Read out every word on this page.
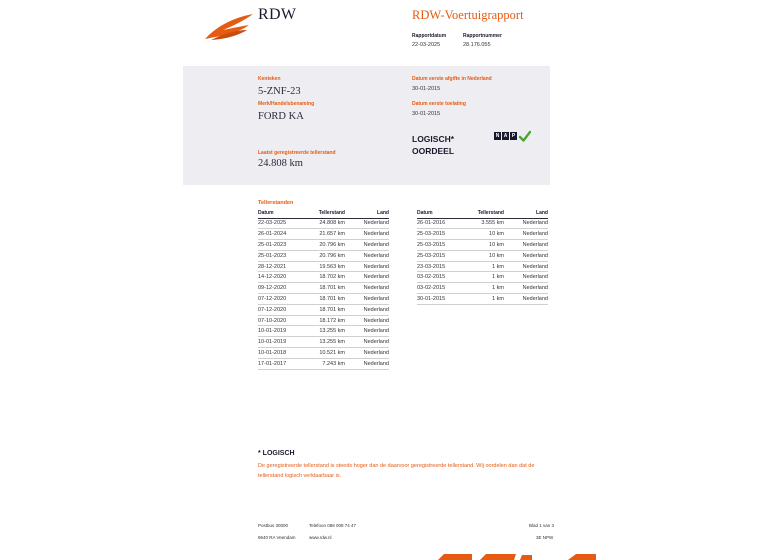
RDW	RDW-Voertuigrapport
Rapportdatum
22-03-2025
Rapportnummer
28.176.055
Kenteken
5-ZNF-23
Merk/Handelsbenaming
FORD KA
Laatst geregistreerde tellerstand
24.808 km
Datum eerste afgifte in Nederland
30-01-2015
Datum eerste toelating
30-01-2015
LOGISCH*
OORDEEL
N A P
Tellerstanden
Datum	Tellerstand	Land
22-03-2025	24.808 km	Nederland
26-01-2024	21.657 km	Nederland
25-01-2023	20.796 km	Nederland
25-01-2023	20.796 km	Nederland
28-12-2021	19.563 km	Nederland
14-12-2020	18.702 km	Nederland
09-12-2020	18.701 km	Nederland
07-12-2020	18.701 km	Nederland
07-12-2020	18.701 km	Nederland
07-10-2020	18.172 km	Nederland
10-01-2019	13.255 km	Nederland
10-01-2019	13.255 km	Nederland
10-01-2018	10.521 km	Nederland
17-01-2017	7.243 km	Nederland
Datum	Tellerstand	Land
26-01-2016	3.555 km	Nederland
25-03-2015	10 km	Nederland
25-03-2015	10 km	Nederland
25-03-2015	10 km	Nederland
23-03-2015	1 km	Nederland
03-02-2015	1 km	Nederland
03-02-2015	1 km	Nederland
30-01-2015	1 km	Nederland
* LOGISCH
De geregistreerde tellerstand is steeds hoger dan de daarvoor geregistreerde tellerstand. Wij oordelen dan dat de tellerstand logisch verklaarbaar is.
Postbus 30000
9640 RA Veendam
Telefoon 088 008 74 47
www.rdw.nl
Blad 1 van 3
3E NPW
